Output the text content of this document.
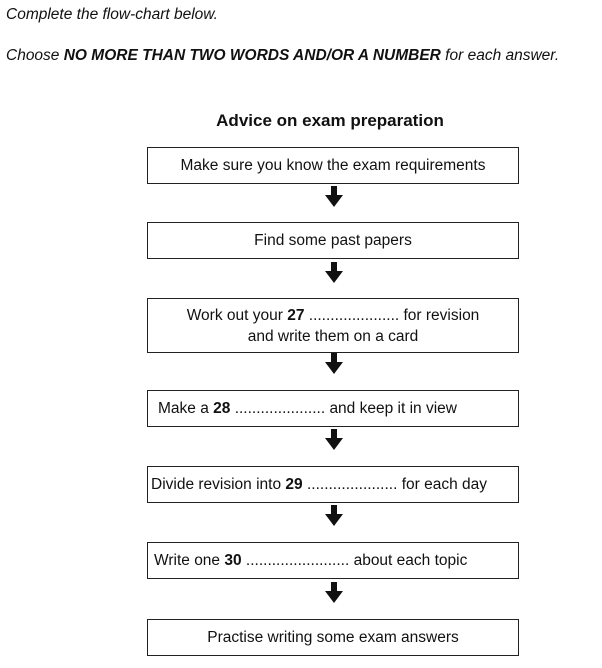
Complete the flow-chart below.

Choose NO MORE THAN TWO WORDS AND/OR A NUMBER for each answer.

Advice on exam preparation
Make sure you know the exam requirements
Find some past papers
Work out your 27 ..................... for revision
and write them on a card
Make a 28 ..................... and keep it in view
Divide revision into 29 ..................... for each day
Write one 30 ........................ about each topic
Practise writing some exam answers
